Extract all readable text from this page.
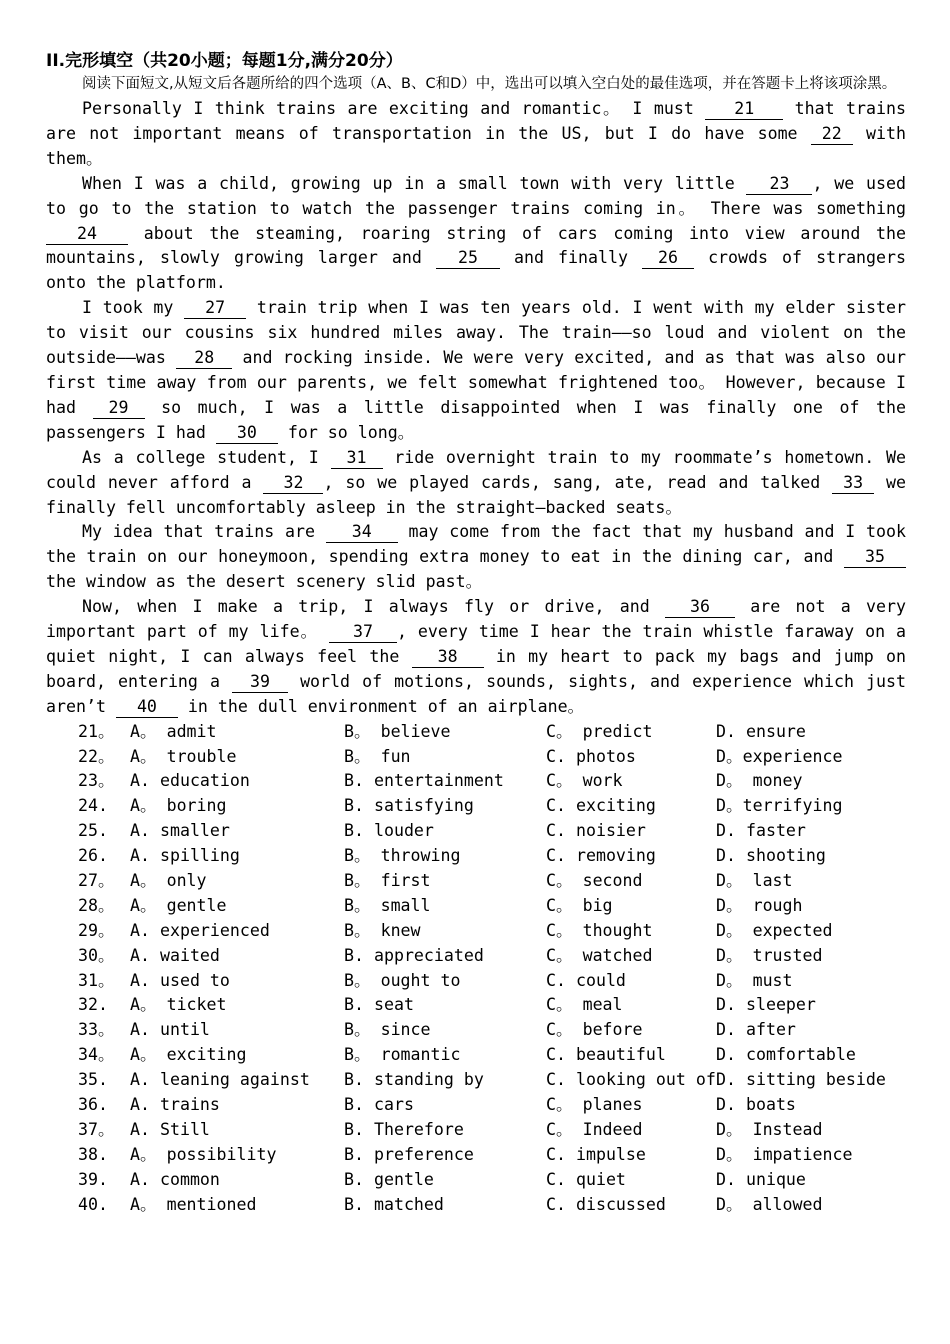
II.完形填空（共20小题；每题1分,满分20分）

阅读下面短文,从短文后各题所给的四个选项（A、B、C和D）中，选出可以填入空白处的最佳选项，并在答题卡上将该项涂黑。

Personally I think trains are exciting and romantic。 I must 21 that trains are not important means of transportation in the US, but I do have some 22 with them。

When I was a child, growing up in a small town with very little 23 , we used to go to the station to watch the passenger trains coming in。 There was something 24 about the steaming, roaring string of cars coming into view around the mountains, slowly growing larger and 25 and finally 26 crowds of strangers onto the platform.

I took my 27 train trip when I was ten years old. I went with my elder sister to visit our cousins six hundred miles away. The train——so loud and violent on the outside——was 28 and rocking inside. We were very excited, and as that was also our first time away from our parents, we felt somewhat frightened too。 However, because I had 29 so much, I was a little disappointed when I was finally one of the passengers I had 30 for so long。

As a college student, I 31 ride overnight train to my roommate’s hometown. We could never afford a 32 , so we played cards, sang, ate, read and talked 33 we finally fell uncomfortably asleep in the straight—backed seats。

My idea that trains are 34 may come from the fact that my husband and I took the train on our honeymoon, spending extra money to eat in the dining car, and 35 the window as the desert scenery slid past。

Now, when I make a trip, I always fly or drive, and 36 are not a very important part of my life。 37 , every time I hear the train whistle faraway on a quiet night, I can always feel the 38 in my heart to pack my bags and jump on board, entering a 39 world of motions, sounds, sights, and experience which just aren’t 40 in the dull environment of an airplane。

21。 A。 admit	B。 believe	C。 predict	D. ensure
22。 A。 trouble	B。 fun	C. photos	D。experience
23。 A. education	B. entertainment	C。 work	D。 money
24. A。 boring	B. satisfying	C. exciting	D。terrifying
25. A. smaller	B. louder	C. noisier	D. faster
26. A. spilling	B。 throwing	C. removing	D. shooting
27。 A。 only	B。 first	C。 second	D。 last
28。 A。 gentle	B。 small	C。 big	D。 rough
29。 A. experienced	B。 knew	C。 thought	D。 expected
30。 A. waited	B. appreciated	C。 watched	D。 trusted
31。 A. used to	B。 ought to	C. could	D。 must
32. A。 ticket	B. seat	C。 meal	D. sleeper
33。 A. until	B。 since	C。 before	D. after
34。 A。 exciting	B。 romantic	C. beautiful	D. comfortable
35. A. leaning against B. standing by	C. looking out of D. sitting beside
36. A. trains	B. cars	C。 planes	D. boats
37。 A. Still	B. Therefore	C。 Indeed	D。 Instead
38. A。 possibility	B. preference	C. impulse	D。 impatience
39. A. common	B. gentle	C. quiet	D. unique
40. A。 mentioned	B. matched	C. discussed	D。 allowed
